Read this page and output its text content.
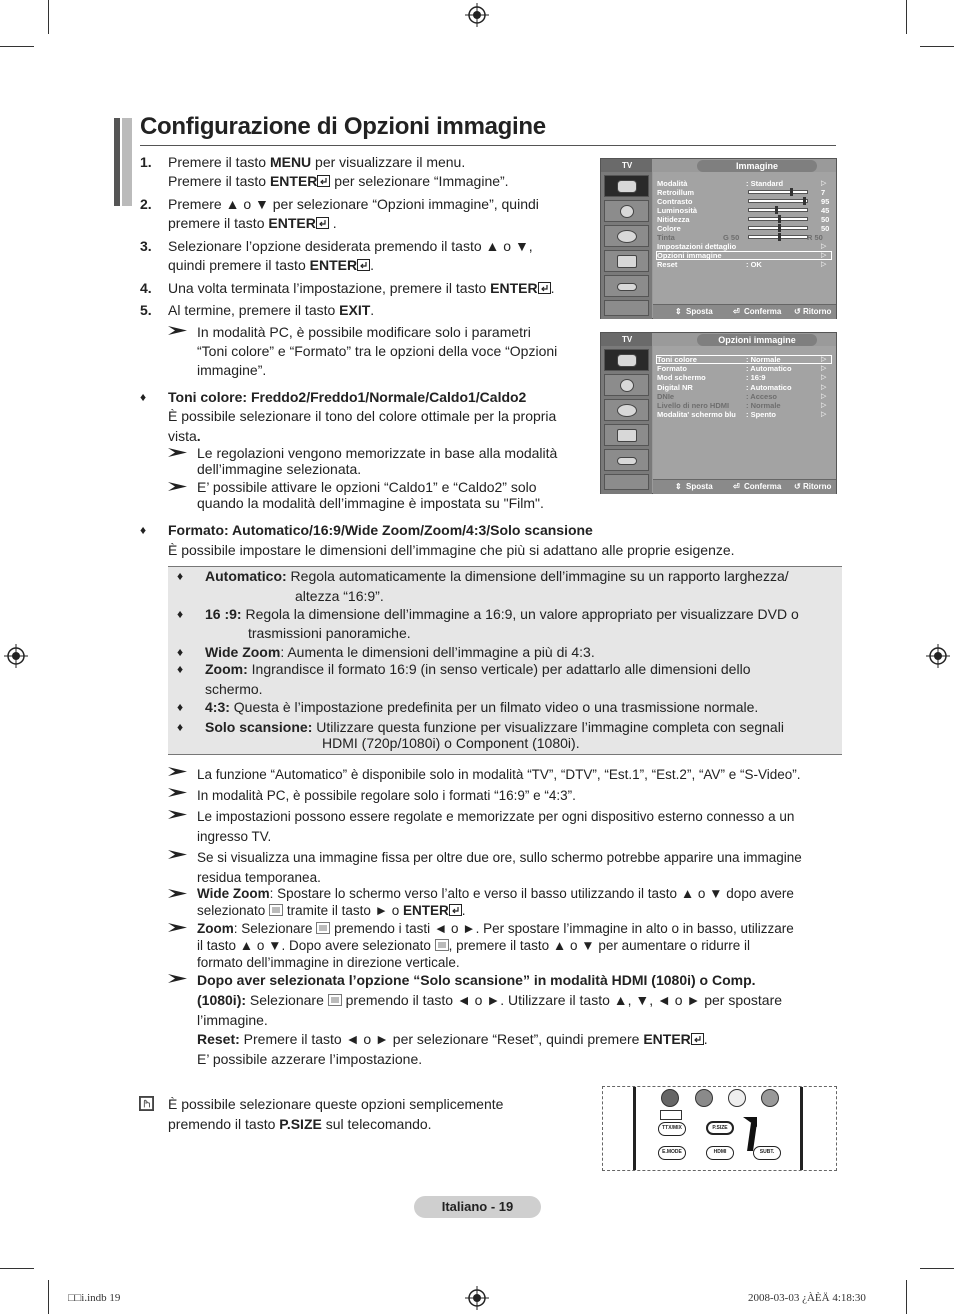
Configurazione di Opzioni immagine
1. Premere il tasto MENU per visualizzare il menu.
Premere il tasto ENTER per selezionare “Immagine”.
2. Premere ▲ o ▼ per selezionare “Opzioni immagine”, quindi
premere il tasto ENTER .
3. Selezionare l’opzione desiderata premendo il tasto ▲ o ▼,
quindi premere il tasto ENTER .
4. Una volta terminata l’impostazione, premere il tasto ENTER .
5. Al termine, premere il tasto EXIT.
In modalità PC, è possibile modificare solo i parametri
“Toni colore” e “Formato” tra le opzioni della voce “Opzioni
immagine”.
♦ Toni colore: Freddo2/Freddo1/Normale/Caldo1/Caldo2
È possibile selezionare il tono del colore ottimale per la propria
vista.
Le regolazioni vengono memorizzate in base alla modalità
dell’immagine selezionata.
E’ possibile attivare le opzioni “Caldo1” e “Caldo2” solo
quando la modalità dell’immagine è impostata su "Film".
♦ Formato: Automatico/16:9/Wide Zoom/Zoom/4:3/Solo scansione
È possibile impostare le dimensioni dell’immagine che più si adattano alle proprie esigenze.
♦ Automatico: Regola automaticamente la dimensione dell’immagine su un rapporto larghezza/
altezza “16:9”.
♦ 16 :9: Regola la dimensione dell’immagine a 16:9, un valore appropriato per visualizzare DVD o
trasmissioni panoramiche.
♦ Wide Zoom: Aumenta le dimensioni dell’immagine a più di 4:3.
♦ Zoom: Ingrandisce il formato 16:9 (in senso verticale) per adattarlo alle dimensioni dello
schermo.
♦ 4:3: Questa è l’impostazione predefinita per un filmato video o una trasmissione normale.
♦ Solo scansione: Utilizzare questa funzione per visualizzare l’immagine completa con segnali
HDMI (720p/1080i) o Component (1080i).
La funzione “Automatico” è disponibile solo in modalità “TV”, “DTV”, “Est.1”, “Est.2”, “AV” e “S-Video”.
In modalità PC, è possibile regolare solo i formati “16:9” e “4:3”.
Le impostazioni possono essere regolate e memorizzate per ogni dispositivo esterno connesso a un
ingresso TV.
Se si visualizza una immagine fissa per oltre due ore, sullo schermo potrebbe apparire una immagine
residua temporanea.
Wide Zoom: Spostare lo schermo verso l’alto e verso il basso utilizzando il tasto ▲ o ▼ dopo avere
selezionato  tramite il tasto ► o ENTER .
Zoom: Selezionare  premendo i tasti ◄ o ►. Per spostare l’immagine in alto o in basso, utilizzare
il tasto ▲ o ▼. Dopo avere selezionato , premere il tasto ▲ o ▼ per aumentare o ridurre il
formato dell’immagine in direzione verticale.
Dopo aver selezionata l’opzione “Solo scansione” in modalità HDMI (1080i) o Comp.
(1080i): Selezionare  premendo il tasto ◄ o ►. Utilizzare il tasto ▲, ▼, ◄ o ► per spostare
l’immagine.
Reset: Premere il tasto ◄ o ► per selezionare “Reset”, quindi premere ENTER .
E’ possibile azzerare l’impostazione.
È possibile selezionare queste opzioni semplicemente
premendo il tasto P.SIZE sul telecomando.
TV	Immagine
Modalità	: Standard	▷
Retroillum	7
Contrasto	95
Luminosità	45
Nitidezza	50
Colore	50
Tinta	G 50	R 50
Impostazioni dettaglio	▷
Opzioni immagine	▷
Reset	: OK	▷
⇕ Sposta	⏎ Conferma ↺ Ritorno
TV	Opzioni immagine
Toni colore	: Normale	▷
Formato	: Automatico	▷
Mod schermo	: 16:9	▷
Digital NR	: Automatico	▷
DNIe	: Acceso	▷
Livello di nero HDMI : Normale	▷
Modalita' schermo blu : Spento	▷
⇕ Sposta	⏎ Conferma ↺ Ritorno
TTX/MIX	P.SIZE
E.MODE	HDMI	SUBT.
Italiano - 19
□□i.indb 19	2008-03-03 ¿ÀÈÄ 4:18:30
